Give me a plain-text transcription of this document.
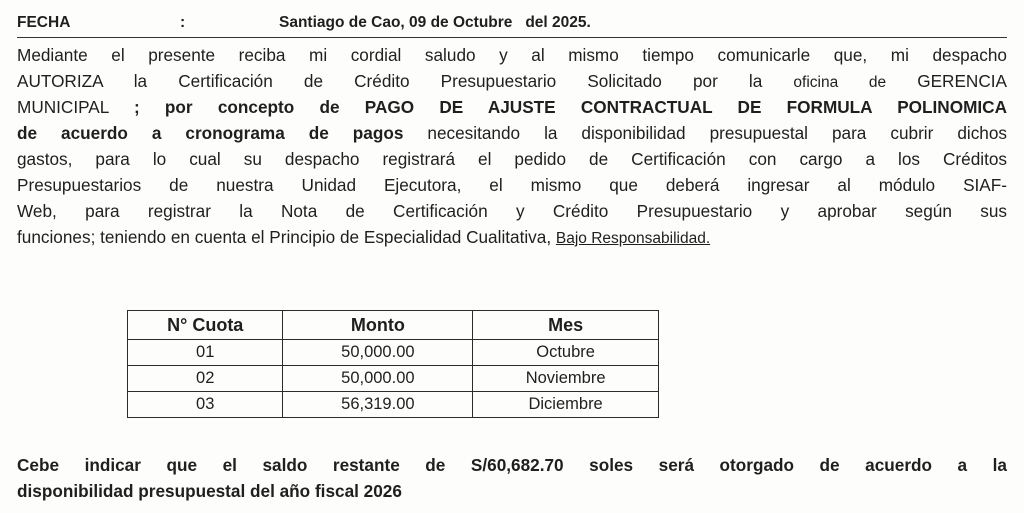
FECHA	:	Santiago de Cao, 09 de Octubre   del 2025.
Mediante el presente reciba mi cordial saludo y al mismo tiempo comunicarle que, mi despacho
AUTORIZA la Certificación de Crédito Presupuestario Solicitado por la oficina de GERENCIA
MUNICIPAL ; por concepto de PAGO DE AJUSTE CONTRACTUAL DE FORMULA POLINOMICA
de acuerdo a cronograma de pagos necesitando la disponibilidad presupuestal para cubrir dichos
gastos, para lo cual su despacho registrará el pedido de Certificación con cargo a los Créditos
Presupuestarios de nuestra Unidad Ejecutora, el mismo que deberá ingresar al módulo SIAF-
Web, para registrar la Nota de Certificación y Crédito Presupuestario y aprobar según sus
funciones; teniendo en cuenta el Principio de Especialidad Cualitativa, Bajo Responsabilidad.
N° Cuota	Monto	Mes
01	50,000.00	Octubre
02	50,000.00	Noviembre
03	56,319.00	Diciembre
Cebe indicar que el saldo restante de S/60,682.70 soles será otorgado de acuerdo a la
disponibilidad presupuestal del año fiscal 2026
